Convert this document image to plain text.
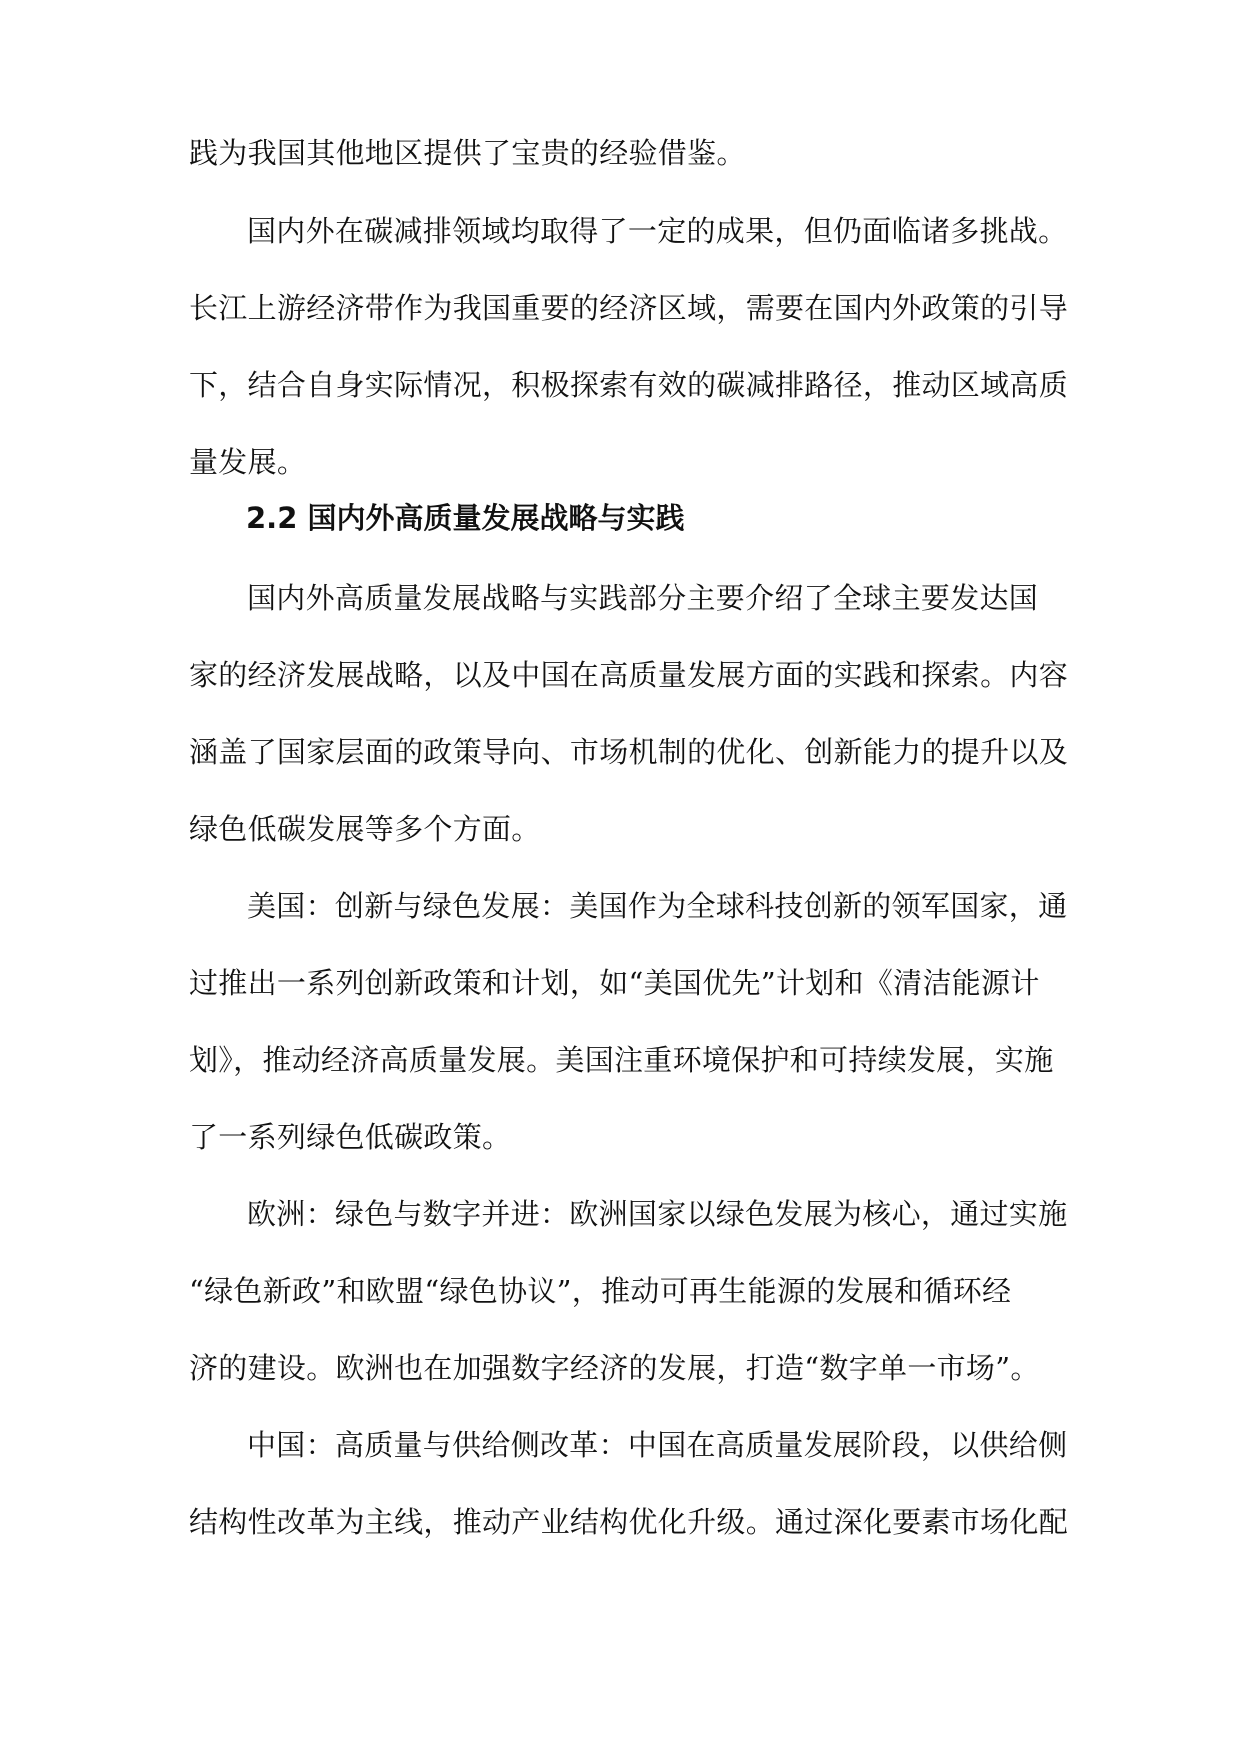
践为我国其他地区提供了宝贵的经验借鉴。
国内外在碳减排领域均取得了一定的成果，但仍面临诸多挑战。
长江上游经济带作为我国重要的经济区域，需要在国内外政策的引导
下，结合自身实际情况，积极探索有效的碳减排路径，推动区域高质
量发展。
2.2 国内外高质量发展战略与实践
国内外高质量发展战略与实践部分主要介绍了全球主要发达国
家的经济发展战略，以及中国在高质量发展方面的实践和探索。内容
涵盖了国家层面的政策导向、市场机制的优化、创新能力的提升以及
绿色低碳发展等多个方面。
美国：创新与绿色发展：美国作为全球科技创新的领军国家，通
过推出一系列创新政策和计划，如“美国优先”计划和《清洁能源计
划》，推动经济高质量发展。美国注重环境保护和可持续发展，实施
了一系列绿色低碳政策。
欧洲：绿色与数字并进：欧洲国家以绿色发展为核心，通过实施
“绿色新政”和欧盟“绿色协议”，推动可再生能源的发展和循环经
济的建设。欧洲也在加强数字经济的发展，打造“数字单一市场”。
中国：高质量与供给侧改革：中国在高质量发展阶段，以供给侧
结构性改革为主线，推动产业结构优化升级。通过深化要素市场化配
